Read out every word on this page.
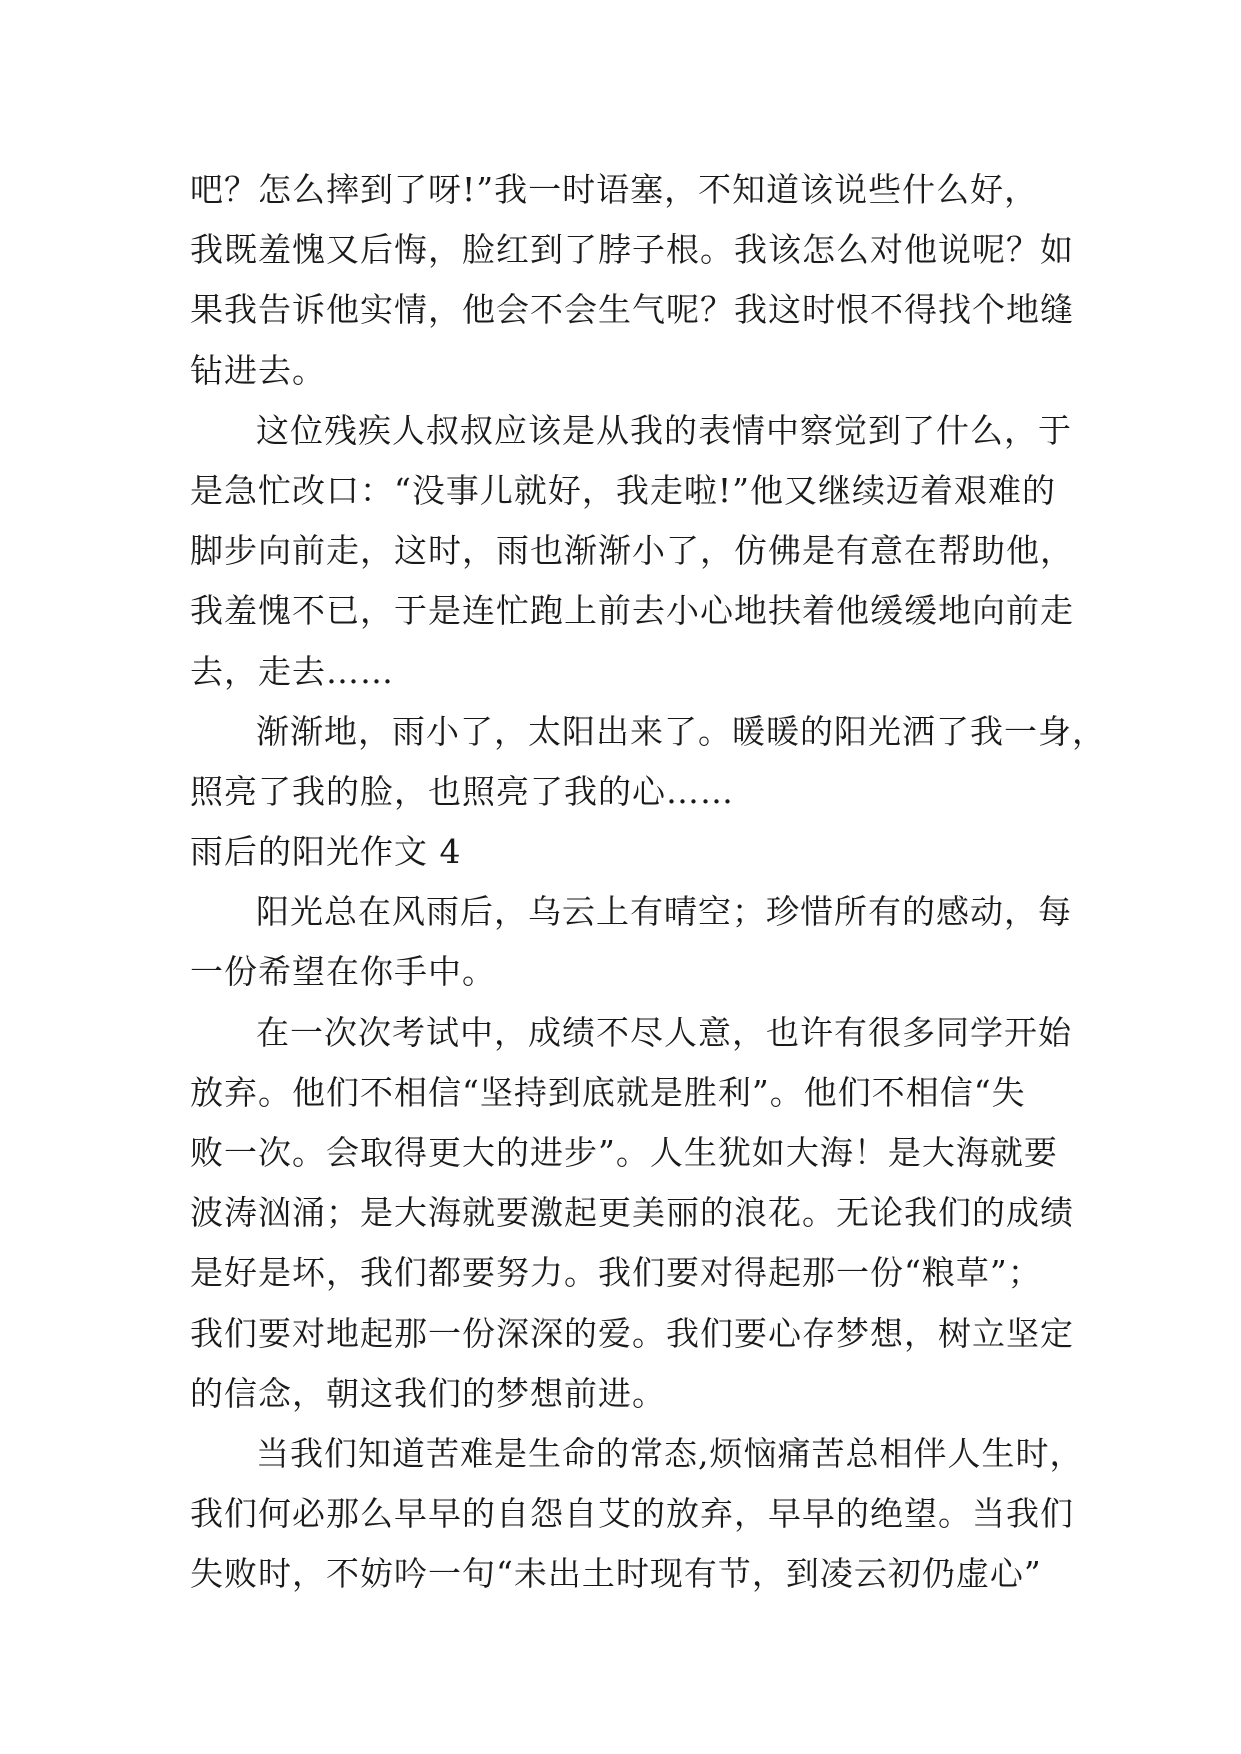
吧？怎么摔到了呀!”我一时语塞，不知道该说些什么好，
我既羞愧又后悔，脸红到了脖子根。我该怎么对他说呢？如
果我告诉他实情，他会不会生气呢？我这时恨不得找个地缝
钻进去。
这位残疾人叔叔应该是从我的表情中察觉到了什么，于
是急忙改口：“没事儿就好，我走啦!”他又继续迈着艰难的
脚步向前走，这时，雨也渐渐小了，仿佛是有意在帮助他，
我羞愧不已，于是连忙跑上前去小心地扶着他缓缓地向前走
去，走去……
渐渐地，雨小了，太阳出来了。暖暖的阳光洒了我一身，
照亮了我的脸，也照亮了我的心……
雨后的阳光作文 4
阳光总在风雨后，乌云上有晴空；珍惜所有的感动，每
一份希望在你手中。
在一次次考试中，成绩不尽人意，也许有很多同学开始
放弃。他们不相信“坚持到底就是胜利”。他们不相信“失
败一次。会取得更大的进步”。人生犹如大海！是大海就要
波涛汹涌；是大海就要激起更美丽的浪花。无论我们的成绩
是好是坏，我们都要努力。我们要对得起那一份“粮草”；
我们要对地起那一份深深的爱。我们要心存梦想，树立坚定
的信念，朝这我们的梦想前进。
当我们知道苦难是生命的常态,烦恼痛苦总相伴人生时，
我们何必那么早早的自怨自艾的放弃，早早的绝望。当我们
失败时，不妨吟一句“未出土时现有节，到凌云初仍虚心”
